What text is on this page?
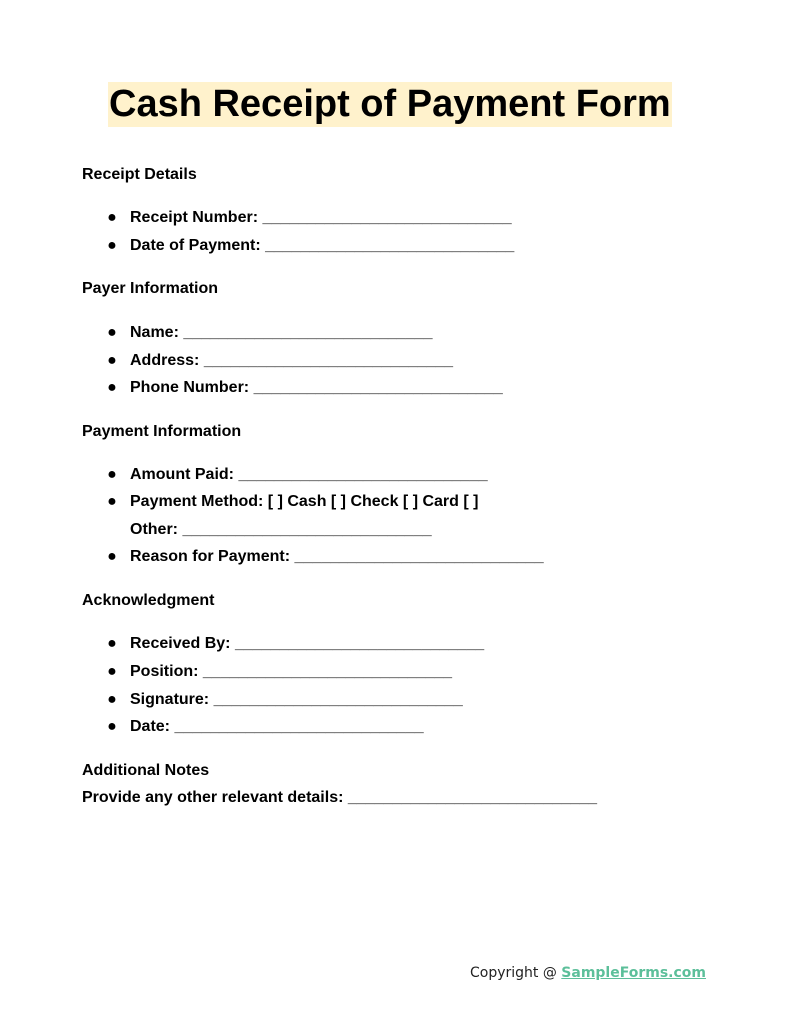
Cash Receipt of Payment Form
Receipt Details
● Receipt Number: ____________________________
● Date of Payment: ____________________________
Payer Information
● Name: ____________________________
● Address: ____________________________
● Phone Number: ____________________________
Payment Information
● Amount Paid: ____________________________
● Payment Method: [ ] Cash [ ] Check [ ] Card [ ]
Other: ____________________________
● Reason for Payment: ____________________________
Acknowledgment
● Received By: ____________________________
● Position: ____________________________
● Signature: ____________________________
● Date: ____________________________
Additional Notes
Provide any other relevant details: ____________________________
Copyright @ SampleForms.com
